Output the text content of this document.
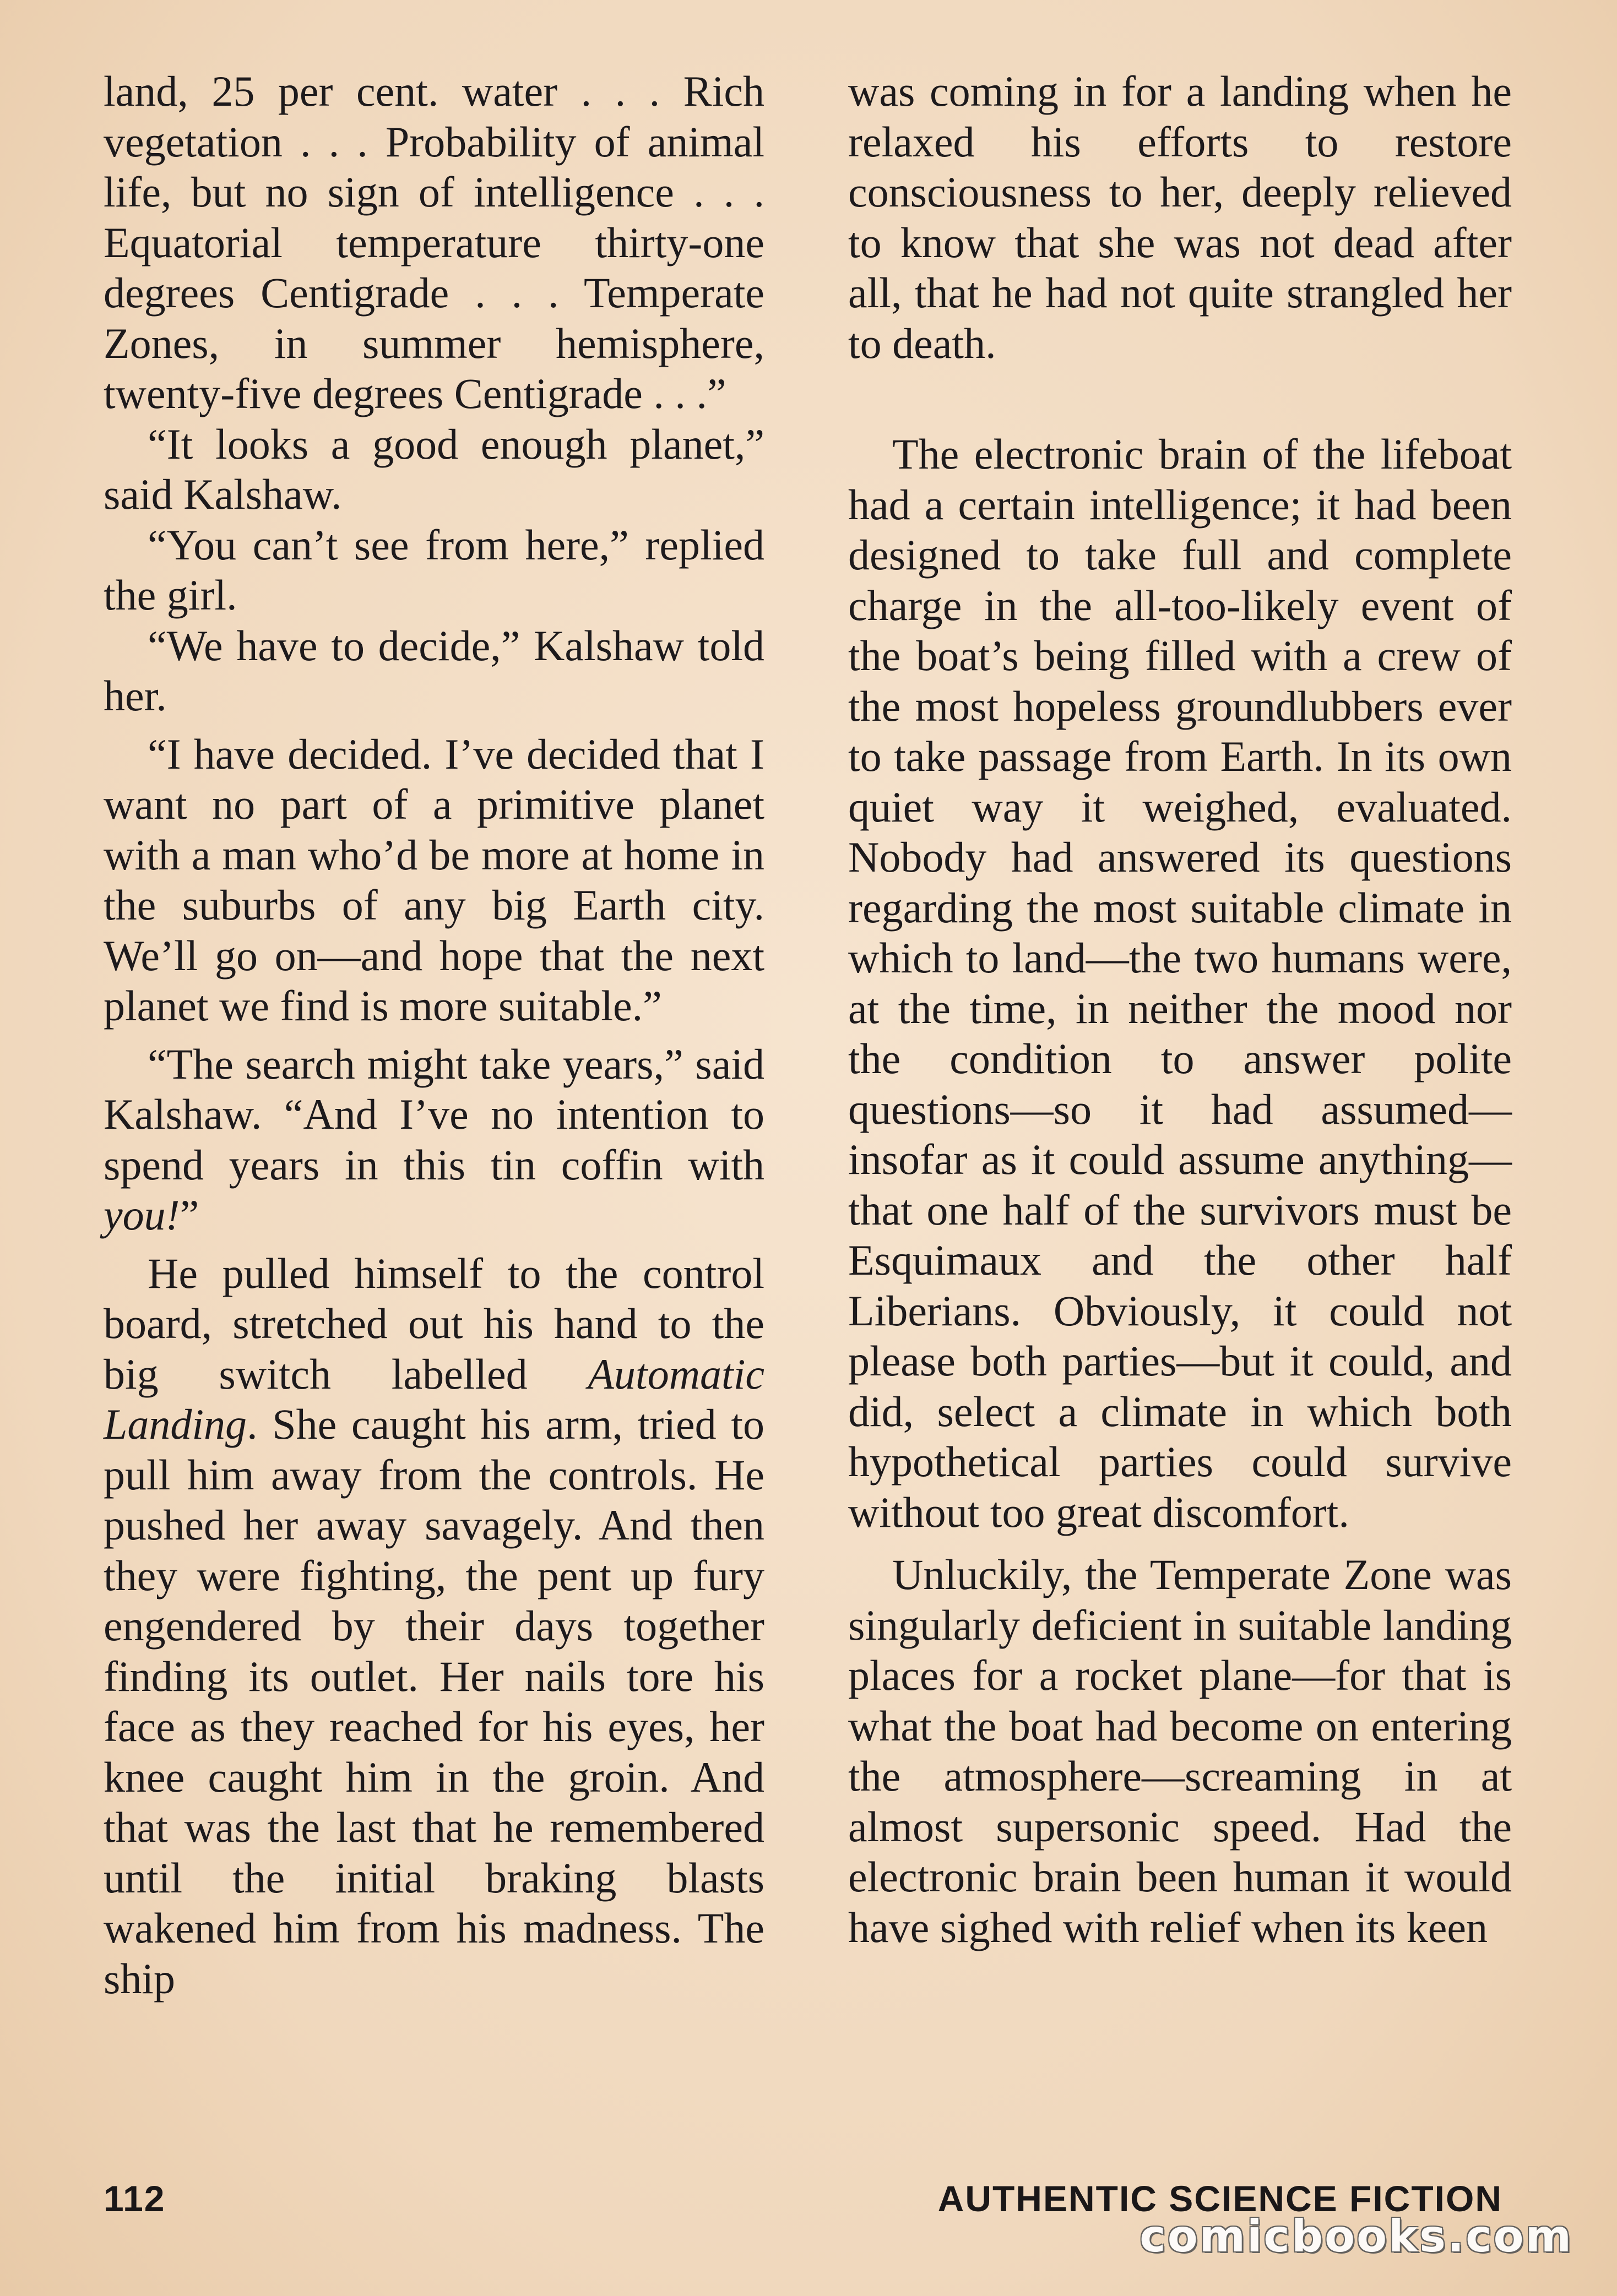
land, 25 per cent. water . . . Rich vegetation . . . Probability of animal life, but no sign of intelligence . . . Equatorial temperature thirty-one degrees Centigrade . . . Temperate Zones, in summer hemisphere, twenty-five degrees Centigrade . . .”

“It looks a good enough planet,” said Kalshaw.

“You can’t see from here,” replied the girl.

“We have to decide,” Kalshaw told her.

“I have decided. I’ve decided that I want no part of a primitive planet with a man who’d be more at home in the suburbs of any big Earth city. We’ll go on—and hope that the next planet we find is more suitable.”

“The search might take years,” said Kalshaw. “And I’ve no intention to spend years in this tin coffin with you!”

He pulled himself to the control board, stretched out his hand to the big switch labelled Automatic Landing. She caught his arm, tried to pull him away from the controls. He pushed her away savagely. And then they were fighting, the pent up fury engendered by their days together finding its outlet. Her nails tore his face as they reached for his eyes, her knee caught him in the groin. And that was the last that he remembered until the initial braking blasts wakened him from his madness. The ship

was coming in for a landing when he relaxed his efforts to restore consciousness to her, deeply relieved to know that she was not dead after all, that he had not quite strangled her to death.

The electronic brain of the lifeboat had a certain intelligence; it had been designed to take full and complete charge in the all-too-likely event of the boat’s being filled with a crew of the most hopeless groundlubbers ever to take passage from Earth. In its own quiet way it weighed, evaluated. Nobody had answered its questions regarding the most suitable climate in which to land—the two humans were, at the time, in neither the mood nor the condition to answer polite questions—so it had assumed—insofar as it could assume anything—that one half of the survivors must be Esquimaux and the other half Liberians. Obviously, it could not please both parties—but it could, and did, select a climate in which both hypothetical parties could survive without too great discomfort.

Unluckily, the Temperate Zone was singularly deficient in suitable landing places for a rocket plane—for that is what the boat had become on entering the atmosphere—screaming in at almost supersonic speed. Had the electronic brain been human it would have sighed with relief when its keen

112	AUTHENTIC SCIENCE FICTION
comicbooks.com
